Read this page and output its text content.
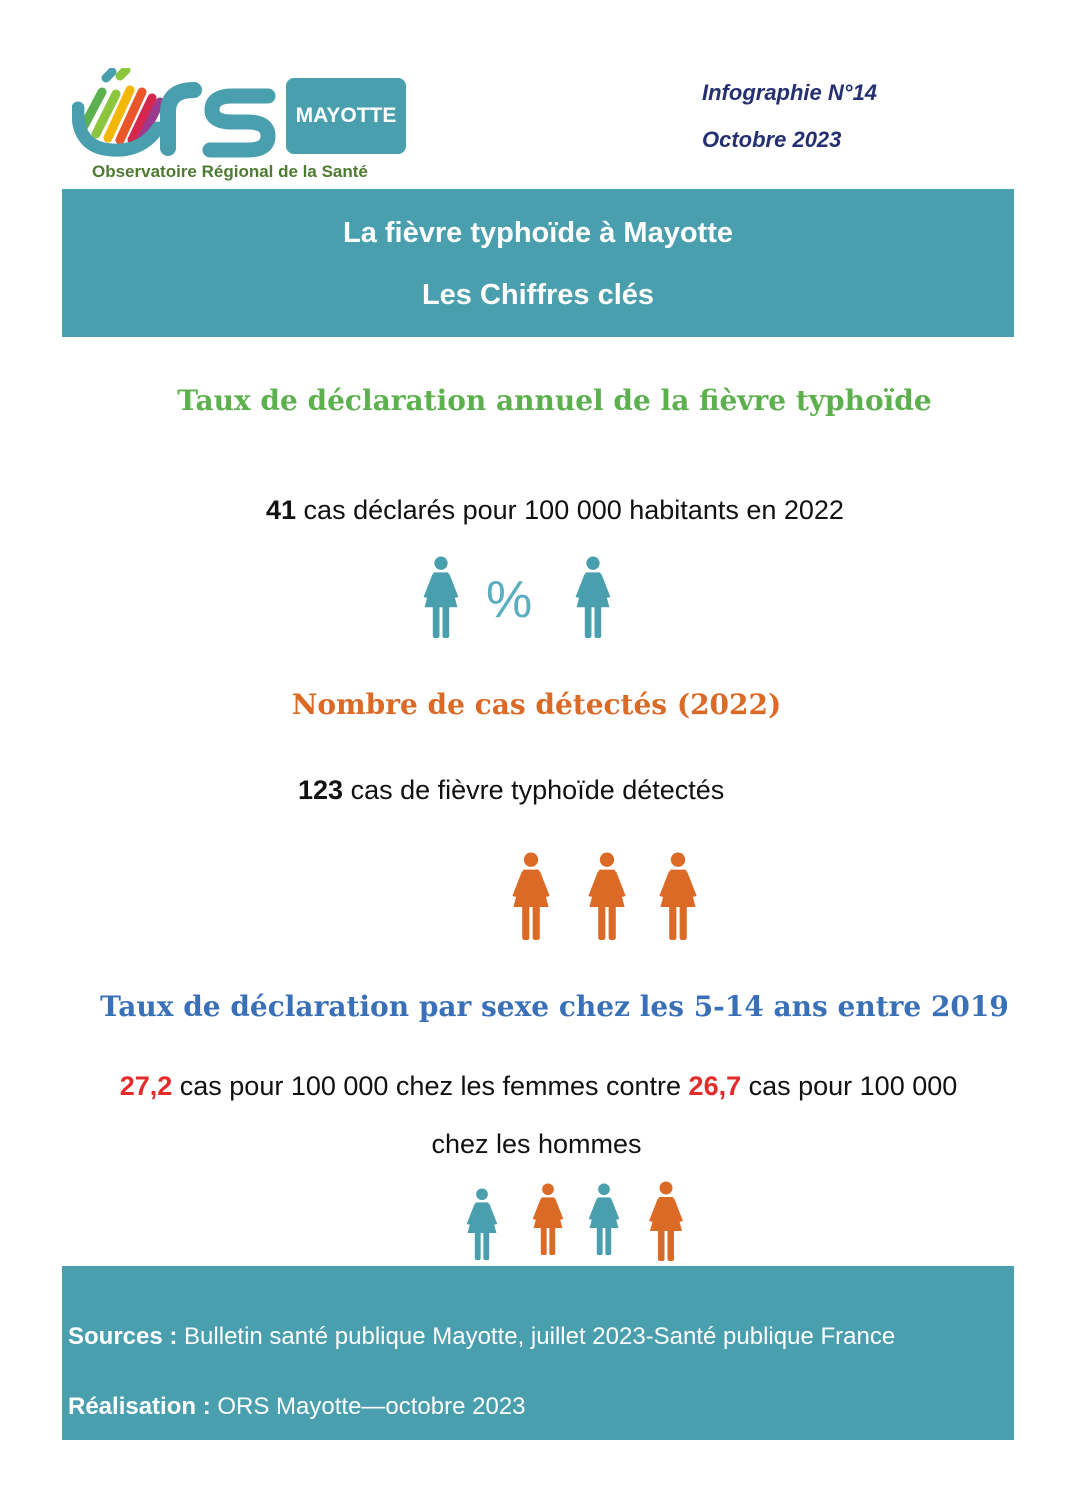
MAYOTTE
Observatoire Régional de la Santé
Infographie N°14
Octobre 2023
La fièvre typhoïde à Mayotte
Les Chiffres clés
Taux de déclaration annuel de la fièvre typhoïde
41 cas déclarés pour 100 000 habitants en 2022
%
Nombre de cas détectés (2022)
123 cas de fièvre typhoïde détectés
Taux de déclaration par sexe chez les 5-14 ans entre 2019
27,2 cas pour 100 000 chez les femmes contre 26,7 cas pour 100 000
chez les hommes
Sources : Bulletin santé publique Mayotte, juillet 2023-Santé publique France
Réalisation : ORS Mayotte—octobre 2023
